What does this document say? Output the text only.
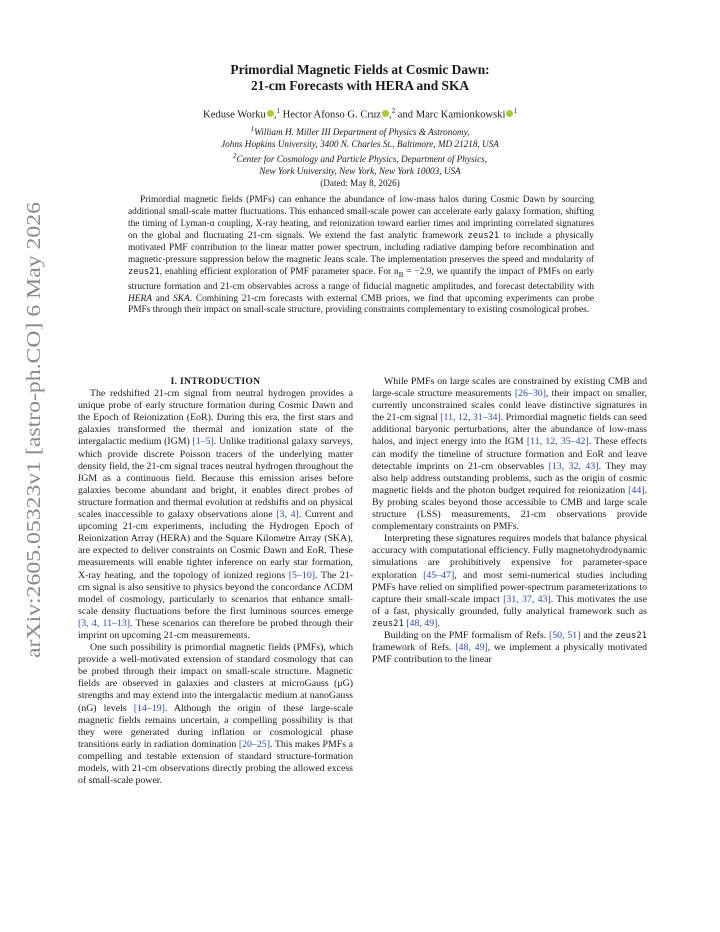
arXiv:2605.05323v1 [astro-ph.CO] 6 May 2026
Primordial Magnetic Fields at Cosmic Dawn:
21-cm Forecasts with HERA and SKA
Keduse Worku ,$^1$ Hector Afonso G. Cruz ,$^2$ and Marc Kamionkowski $^1$
$^1$William H. Miller III Department of Physics & Astronomy,
Johns Hopkins University, 3400 N. Charles St., Baltimore, MD 21218, USA
$^2$Center for Cosmology and Particle Physics, Department of Physics,
New York University, New York, New York 10003, USA
(Dated: May 8, 2026)
Primordial magnetic fields (PMFs) can enhance the abundance of low-mass halos during Cosmic Dawn by sourcing additional small-scale matter fluctuations. This enhanced small-scale power can accelerate early galaxy formation, shifting the timing of Lyman-α coupling, X-ray heating, and reionization toward earlier times and imprinting correlated signatures on the global and fluctuating 21-cm signals. We extend the fast analytic framework zeus21 to include a physically motivated PMF contribution to the linear matter power spectrum, including radiative damping before recombination and magnetic-pressure suppression below the magnetic Jeans scale. The implementation preserves the speed and modularity of zeus21, enabling efficient exploration of PMF parameter space. For $n_B = -2.9$, we quantify the impact of PMFs on early structure formation and 21-cm observables across a range of fiducial magnetic amplitudes, and forecast detectability with HERA and SKA. Combining 21-cm forecasts with external CMB priors, we find that upcoming experiments can probe PMFs through their impact on small-scale structure, providing constraints complementary to existing cosmological probes.

I. INTRODUCTION

The redshifted 21-cm signal from neutral hydrogen provides a unique probe of early structure formation during Cosmic Dawn and the Epoch of Reionization (EoR). During this era, the first stars and galaxies transformed the thermal and ionization state of the intergalactic medium (IGM) [1–5]. Unlike traditional galaxy surveys, which provide discrete Poisson tracers of the underlying matter density field, the 21-cm signal traces neutral hydrogen throughout the IGM as a continuous field. Because this emission arises before galaxies become abundant and bright, it enables direct probes of structure formation and thermal evolution at redshifts and on physical scales inaccessible to galaxy observations alone [3, 4]. Current and upcoming 21-cm experiments, including the Hydrogen Epoch of Reionization Array (HERA) and the Square Kilometre Array (SKA), are expected to deliver constraints on Cosmic Dawn and EoR. These measurements will enable tighter inference on early star formation, X-ray heating, and the topology of ionized regions [5–10]. The 21-cm signal is also sensitive to physics beyond the concordance ΛCDM model of cosmology, particularly to scenarios that enhance small-scale density fluctuations before the first luminous sources emerge [3, 4, 11–13]. These scenarios can therefore be probed through their imprint on upcoming 21-cm measurements.

One such possibility is primordial magnetic fields (PMFs), which provide a well-motivated extension of standard cosmology that can be probed through their impact on small-scale structure. Magnetic fields are observed in galaxies and clusters at microGauss (μG) strengths and may extend into the intergalactic medium at nanoGauss (nG) levels [14–19]. Although the origin of these large-scale magnetic fields remains uncertain, a compelling possibility is that they were generated during inflation or cosmological phase transitions early in radiation domination [20–25]. This makes PMFs a compelling and testable extension of standard structure-formation models, with 21-cm observations directly probing the allowed excess of small-scale power.

While PMFs on large scales are constrained by existing CMB and large-scale structure measurements [26–30], their impact on smaller, currently unconstrained scales could leave distinctive signatures in the 21-cm signal [11, 12, 31–34]. Primordial magnetic fields can seed additional baryonic perturbations, alter the abundance of low-mass halos, and inject energy into the IGM [11, 12, 35–42]. These effects can modify the timeline of structure formation and EoR and leave detectable imprints on 21-cm observables [13, 32, 43]. They may also help address outstanding problems, such as the origin of cosmic magnetic fields and the photon budget required for reionization [44]. By probing scales beyond those accessible to CMB and large scale structure (LSS) measurements, 21-cm observations provide complementary constraints on PMFs.

Interpreting these signatures requires models that balance physical accuracy with computational efficiency. Fully magnetohydrodynamic simulations are prohibitively expensive for parameter-space exploration [45–47], and most semi-numerical studies including PMFs have relied on simplified power-spectrum parameterizations to capture their small-scale impact [31, 37, 43]. This motivates the use of a fast, physically grounded, fully analytical framework such as zeus21 [48, 49].

Building on the PMF formalism of Refs. [50, 51] and the zeus21 framework of Refs. [48, 49], we implement a physically motivated PMF contribution to the linear
